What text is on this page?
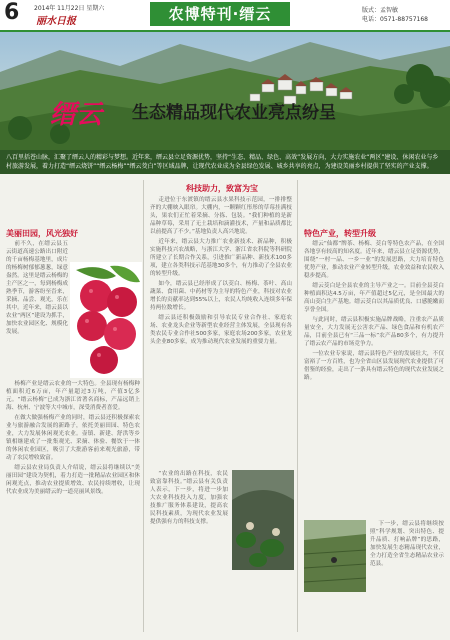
6 2014年 11月22日 星期六
丽水日报	农博特刊·缙云	版式：孟智敏
电话：0571-88757168
缙云 生态精品现代农业亮点纷呈
八百里括苍山脉，汇聚了缙云人的精彩与梦想。近年来，缙云县立足资源优势，坚持“生态、精品、绿色、高效”发展方向，大力实施农业“两区”建设、休闲农业与乡村旅游发展，着力打造“缙云烧饼”“缙云杨梅”“缙云茭白”等区域品牌，让现代农业成为全县绿色发展、城乡共享的亮点，为建设美丽乡村提供了坚实的产业支撑。
美丽田园，风光独好

前不久，在缙云县五云街道高速公路出口附近的千亩杨梅基地里，成片的杨梅树郁郁葱葱，绿意盎然。这里是缙云杨梅的主产区之一，每到杨梅成熟季节，游客纷至沓来，采摘、品尝、观光，乐在其中。近年来，缙云县以农业“两区”建设为抓手，加快农业园区化、规模化发展。

杨梅产业是缙云农业的一大特色。全县现有杨梅种植面积近6万亩，年产量超过3万吨，产值3亿多元。“缙云杨梅”已成为浙江省著名商标，产品远销上海、杭州、宁波等大中城市，深受消费者喜爱。

在做大做强杨梅产业的同时，缙云县还积极探索农业与旅游融合发展的新路子，依托美丽田园、特色农业，大力发展休闲观光农业。壶镇、新建、舒洪等乡镇相继建成了一批集观光、采摘、体验、餐饮于一体的休闲农业园区，吸引了大批游客前来观光旅游，带动了农民增收致富。

缙云县农业局负责人介绍说，缙云县将继续以“美丽田园”建设为契机，着力打造一批精品农业园区和休闲观光点，推动农业提质增效、农民持续增收，让现代农业成为美丽缙云的一道亮丽风景线。

科技助力，致富为宝

走进位于东渡镇的缙云县水果科技示范园，一排排整齐的大棚映入眼帘。大棚内，一颗颗红彤彤的草莓挂满枝头，果农们正忙着采摘、分拣、包装。“我们种植的是新品种草莓，采用了无土栽培和滴灌技术，产量和品质都比以前提高了不少。”基地负责人高兴地说。

近年来，缙云县大力推广农业新技术、新品种，积极实施科技兴农战略，与浙江大学、浙江省农科院等科研院所建立了长期合作关系，引进推广新品种、新技术100多项，建立各类科技示范基地30多个，有力推动了全县农业的转型升级。

如今，缙云县已经形成了以茭白、杨梅、茶叶、高山蔬菜、食用菌、中药材等为主导的特色产业，科技对农业增长的贡献率达到55%以上，农民人均纯收入连续多年保持两位数增长。

缙云县还积极鼓励和引导农民专业合作社、家庭农场、农业龙头企业等新型农业经营主体发展，全县现有各类农民专业合作社500多家，家庭农场200多家，农业龙头企业80多家，成为推动现代农业发展的重要力量。

“农业的出路在科技，农民致富靠科技。”缙云县有关负责人表示，下一步，将进一步加大农业科技投入力度，加强农技推广服务体系建设，提高农民科技素质，为现代农业发展提供强有力的科技支撑。

特色产业，转型升级

缙云“仙都”牌茶、杨梅、茭白等特色农产品，在全国各地享有较高的知名度。近年来，缙云县立足资源优势，围绕“一村一品、一乡一业”的发展思路，大力培育特色优势产业，推动农业产业转型升级，农业效益和农民收入稳步提高。

缙云茭白是全县农业的主导产业之一。目前全县茭白种植面积达4.5万亩，年产值超过5亿元，是全国最大的高山茭白生产基地。缙云茭白以其品质优良、口感脆嫩而享誉全国。

与此同时，缙云县积极实施品牌战略，注重农产品质量安全，大力发展无公害农产品、绿色食品和有机农产品，目前全县已有“三品一标”农产品80多个，有力提升了缙云农产品的市场竞争力。

一位农业专家说，缙云县特色产业的发展壮大，不仅富裕了一方百姓，也为全省山区县发展现代农业提供了可借鉴的经验，走出了一条具有缙云特色的现代农业发展之路。

下一步，缙云县将继续按照“科学规划、突出特色、提升品质、打响品牌”的思路，加快发展生态精品现代农业，全力打造全省生态精品农业示范县。
